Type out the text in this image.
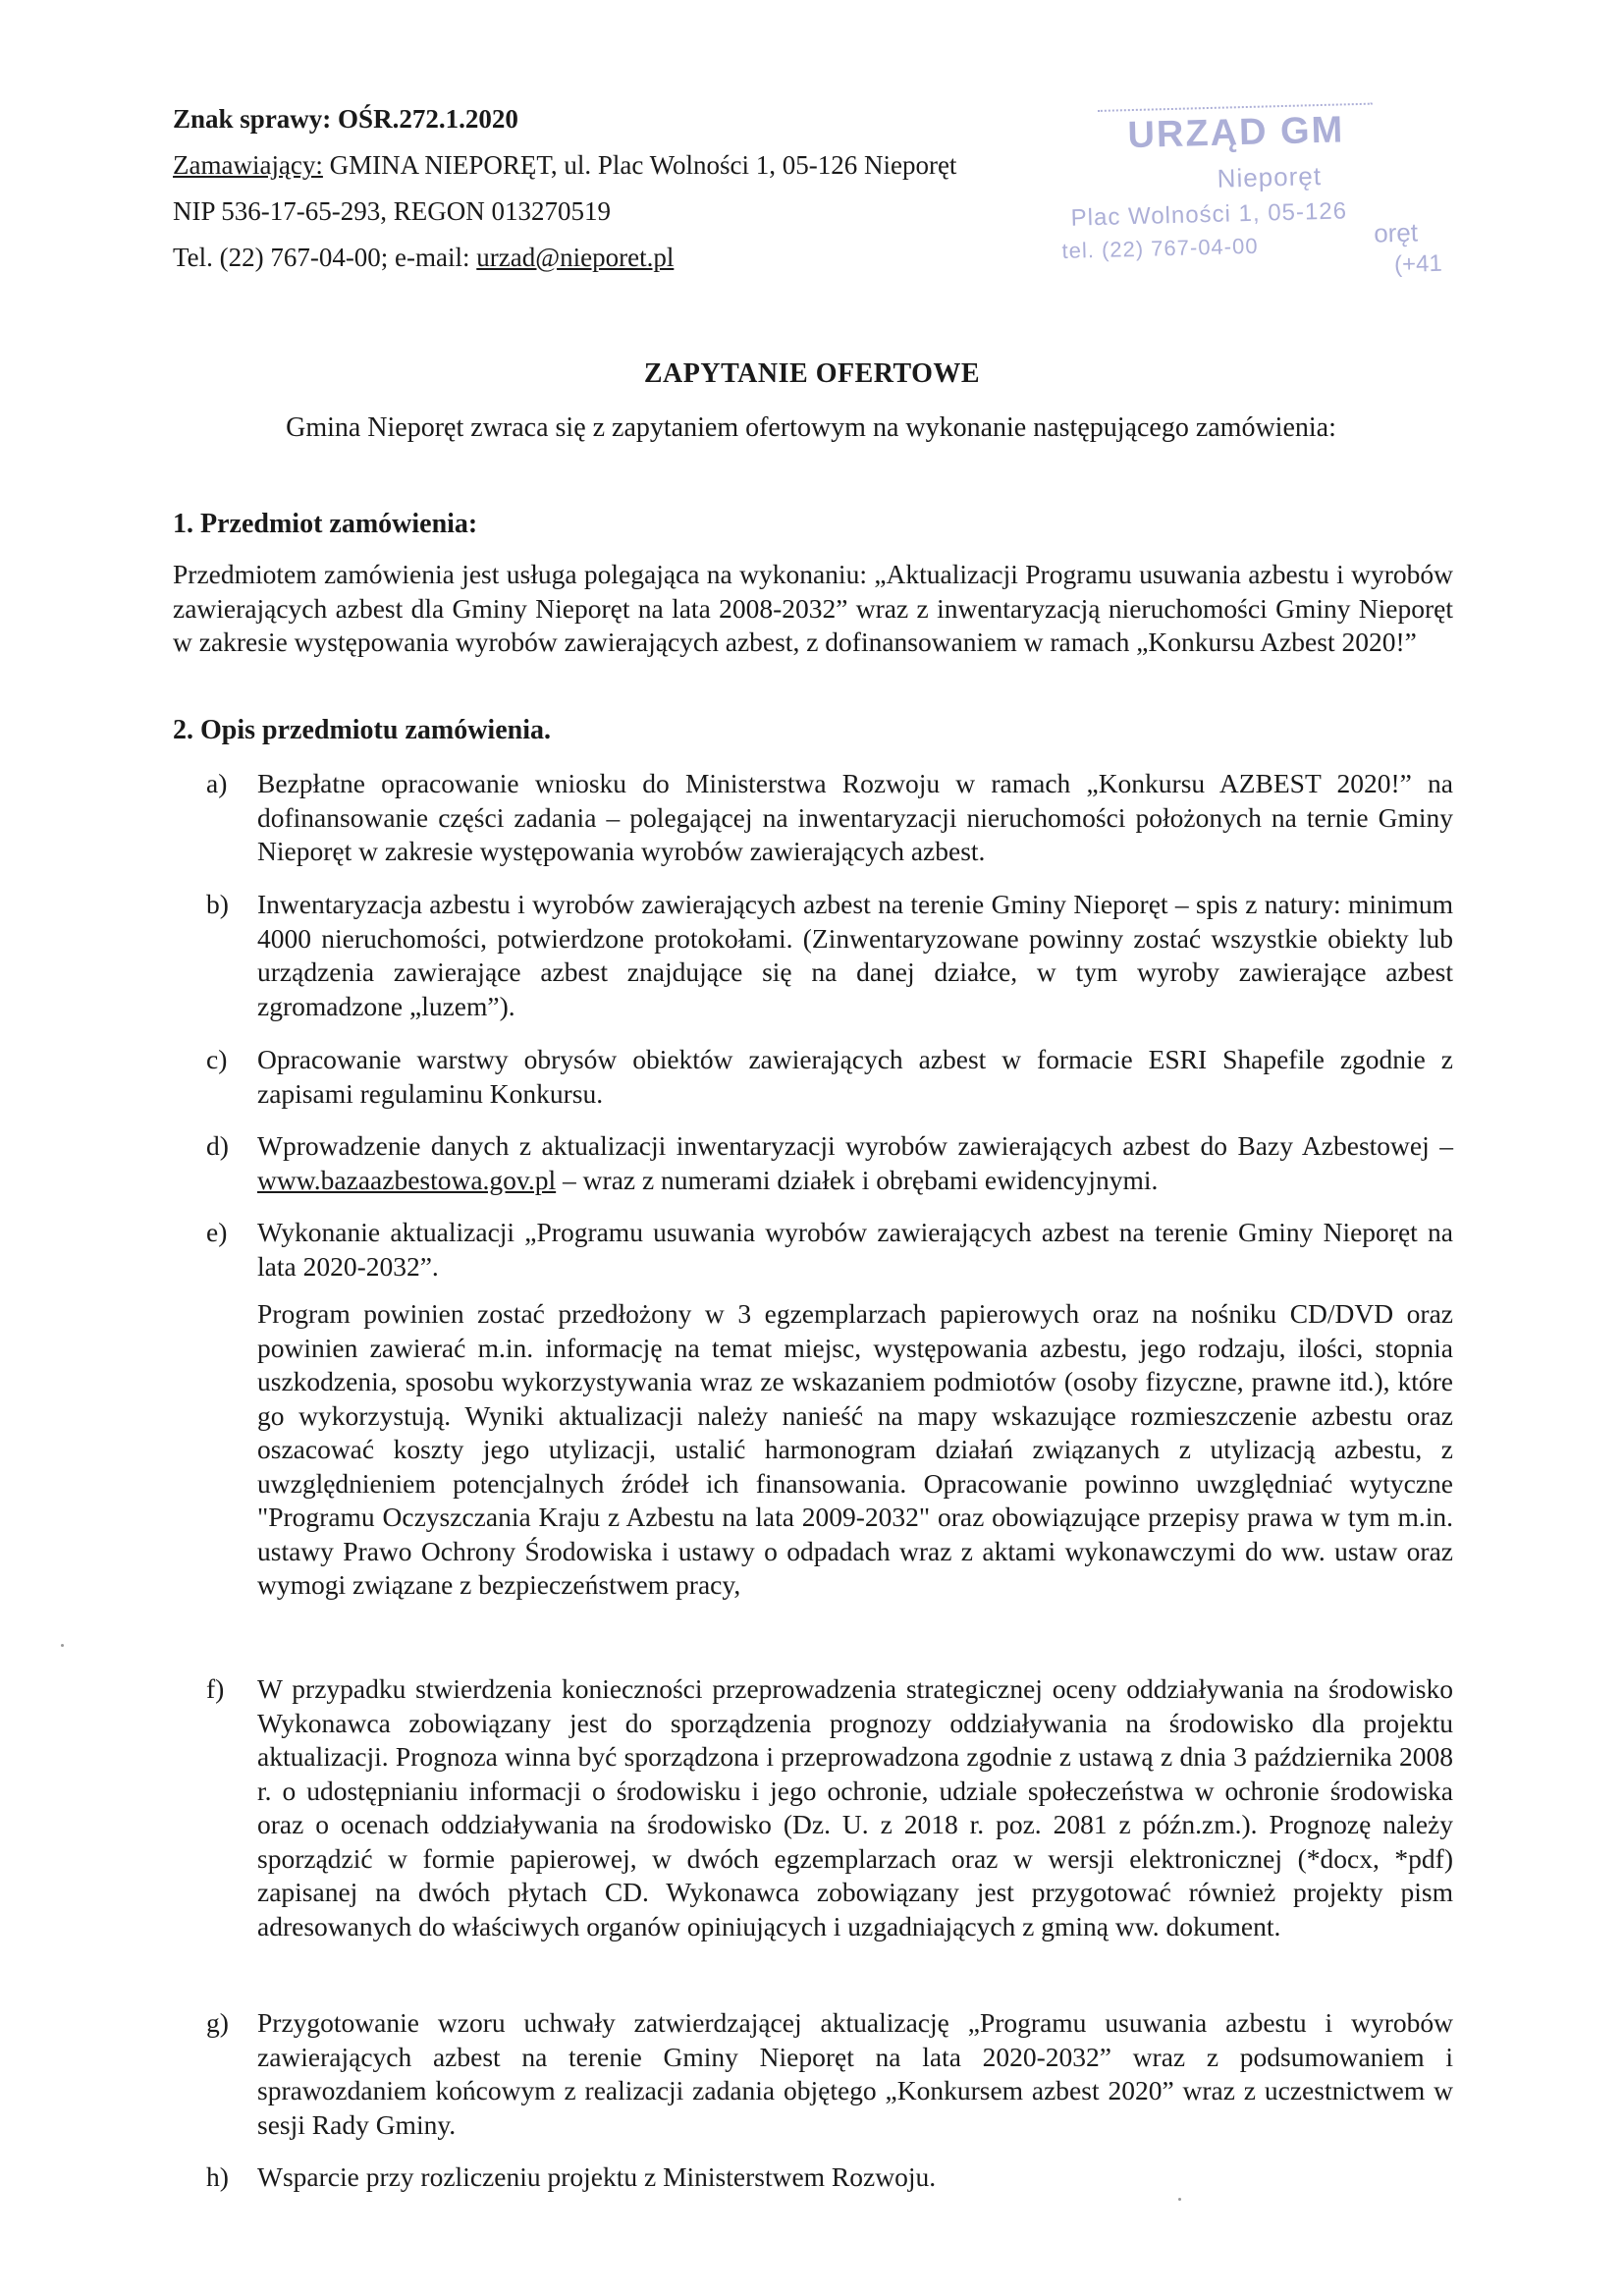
Znak sprawy: OŚR.272.1.2020
Zamawiający: GMINA NIEPORĘT, ul. Plac Wolności 1, 05-126 Nieporęt
NIP 536-17-65-293, REGON 013270519
Tel. (22) 767-04-00; e-mail: urzad@nieporet.pl
URZĄD GM
Nieporęt
Plac Wolności 1, 05-126
tel. (22) 767-04-00
oręt
(+41
ZAPYTANIE OFERTOWE
Gmina Nieporęt zwraca się z zapytaniem ofertowym na wykonanie następującego zamówienia:
1. Przedmiot zamówienia:
Przedmiotem zamówienia jest usługa polegająca na wykonaniu: „Aktualizacji Programu usuwania azbestu i wyrobów zawierających azbest dla Gminy Nieporęt na lata 2008-2032” wraz z inwentaryzacją nieruchomości Gminy Nieporęt w zakresie występowania wyrobów zawierających azbest, z dofinansowaniem w ramach „Konkursu Azbest 2020!”
2. Opis przedmiotu zamówienia.
a)	Bezpłatne opracowanie wniosku do Ministerstwa Rozwoju w ramach „Konkursu AZBEST 2020!” na dofinansowanie części zadania – polegającej na inwentaryzacji nieruchomości położonych na ternie Gminy Nieporęt w zakresie występowania wyrobów zawierających azbest.
b)	Inwentaryzacja azbestu i wyrobów zawierających azbest na terenie Gminy Nieporęt – spis z natury: minimum 4000 nieruchomości, potwierdzone protokołami. (Zinwentaryzowane powinny zostać wszystkie obiekty lub urządzenia zawierające azbest znajdujące się na danej działce, w tym wyroby zawierające azbest zgromadzone „luzem”).
c)	Opracowanie warstwy obrysów obiektów zawierających azbest w formacie ESRI Shapefile zgodnie z zapisami regulaminu Konkursu.
d)	Wprowadzenie danych z aktualizacji inwentaryzacji wyrobów zawierających azbest do Bazy Azbestowej – www.bazaazbestowa.gov.pl – wraz z numerami działek i obrębami ewidencyjnymi.
e)	Wykonanie aktualizacji „Programu usuwania wyrobów zawierających azbest na terenie Gminy Nieporęt na lata 2020-2032”.
Program powinien zostać przedłożony w 3 egzemplarzach papierowych oraz na nośniku CD/DVD oraz powinien zawierać m.in. informację na temat miejsc, występowania azbestu, jego rodzaju, ilości, stopnia uszkodzenia, sposobu wykorzystywania wraz ze wskazaniem podmiotów (osoby fizyczne, prawne itd.), które go wykorzystują. Wyniki aktualizacji należy nanieść na mapy wskazujące rozmieszczenie azbestu oraz oszacować koszty jego utylizacji, ustalić harmonogram działań związanych z utylizacją azbestu, z uwzględnieniem potencjalnych źródeł ich finansowania. Opracowanie powinno uwzględniać wytyczne "Programu Oczyszczania Kraju z Azbestu na lata 2009-2032" oraz obowiązujące przepisy prawa w tym m.in. ustawy Prawo Ochrony Środowiska i ustawy o odpadach wraz z aktami wykonawczymi do ww. ustaw oraz wymogi związane z bezpieczeństwem pracy,
f)	W przypadku stwierdzenia konieczności przeprowadzenia strategicznej oceny oddziaływania na środowisko Wykonawca zobowiązany jest do sporządzenia prognozy oddziaływania na środowisko dla projektu aktualizacji. Prognoza winna być sporządzona i przeprowadzona zgodnie z ustawą z dnia 3 października 2008 r. o udostępnianiu informacji o środowisku i jego ochronie, udziale społeczeństwa w ochronie środowiska oraz o ocenach oddziaływania na środowisko (Dz. U. z 2018 r. poz. 2081 z późn.zm.). Prognozę należy sporządzić w formie papierowej, w dwóch egzemplarzach oraz w wersji elektronicznej (*docx, *pdf) zapisanej na dwóch płytach CD. Wykonawca zobowiązany jest przygotować również projekty pism adresowanych do właściwych organów opiniujących i uzgadniających z gminą ww. dokument.
g)	Przygotowanie wzoru uchwały zatwierdzającej aktualizację „Programu usuwania azbestu i wyrobów zawierających azbest na terenie Gminy Nieporęt na lata 2020-2032” wraz z podsumowaniem i sprawozdaniem końcowym z realizacji zadania objętego „Konkursem azbest 2020” wraz z uczestnictwem w sesji Rady Gminy.
h)	Wsparcie przy rozliczeniu projektu z Ministerstwem Rozwoju.
